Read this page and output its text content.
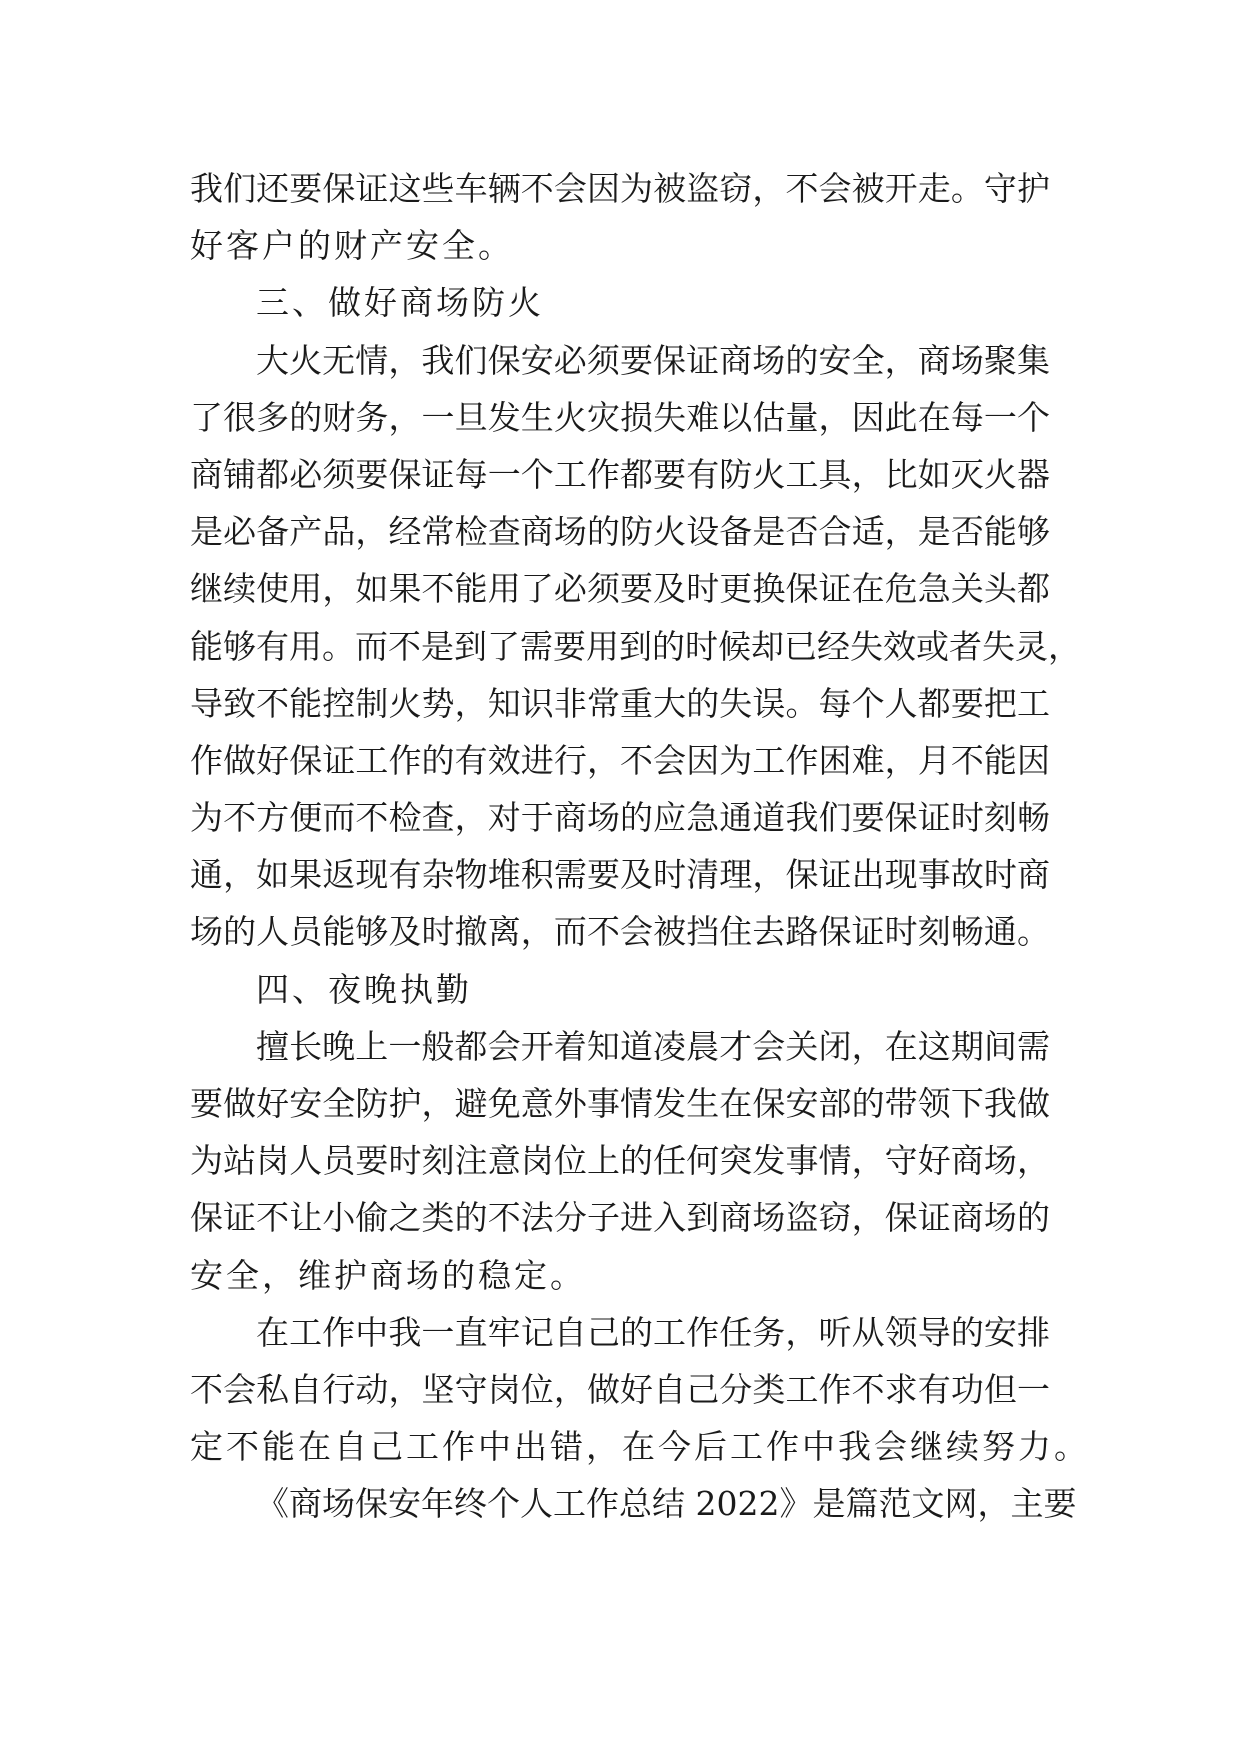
我们还要保证这些车辆不会因为被盗窃，不会被开走。守护
好客户的财产安全。
三、做好商场防火
大火无情，我们保安必须要保证商场的安全，商场聚集
了很多的财务，一旦发生火灾损失难以估量，因此在每一个
商铺都必须要保证每一个工作都要有防火工具，比如灭火器
是必备产品，经常检查商场的防火设备是否合适，是否能够
继续使用，如果不能用了必须要及时更换保证在危急关头都
能够有用。而不是到了需要用到的时候却已经失效或者失灵，
导致不能控制火势，知识非常重大的失误。每个人都要把工
作做好保证工作的有效进行，不会因为工作困难，月不能因
为不方便而不检查，对于商场的应急通道我们要保证时刻畅
通，如果返现有杂物堆积需要及时清理，保证出现事故时商
场的人员能够及时撤离，而不会被挡住去路保证时刻畅通。
四、夜晚执勤
擅长晚上一般都会开着知道凌晨才会关闭，在这期间需
要做好安全防护，避免意外事情发生在保安部的带领下我做
为站岗人员要时刻注意岗位上的任何突发事情，守好商场，
保证不让小偷之类的不法分子进入到商场盗窃，保证商场的
安全，维护商场的稳定。
在工作中我一直牢记自己的工作任务，听从领导的安排
不会私自行动，坚守岗位，做好自己分类工作不求有功但一
定不能在自己工作中出错，在今后工作中我会继续努力。
《商场保安年终个人工作总结 2022》是篇范文网，主要
